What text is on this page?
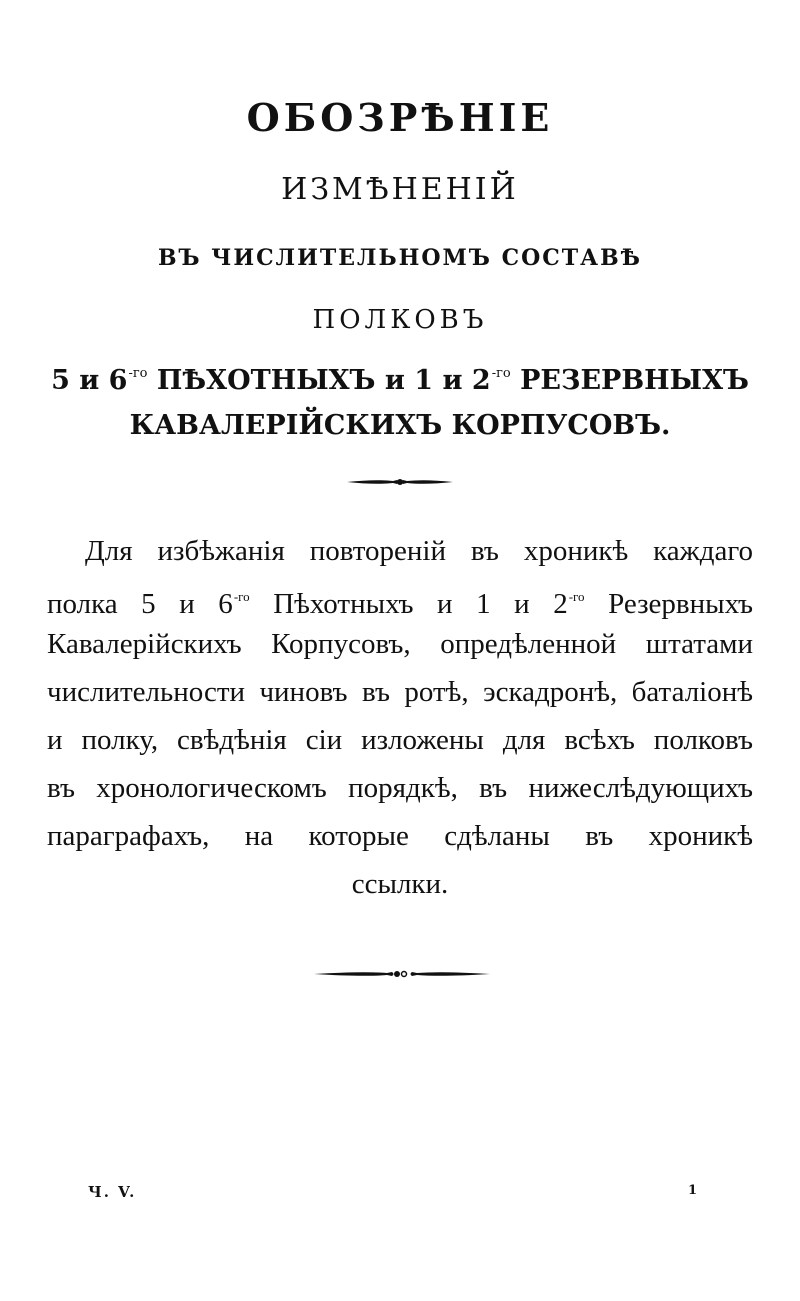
ОБОЗРѢНІЕ
ИЗМѢНЕНІЙ
ВЪ ЧИСЛИТЕЛЬНОМЪ СОСТАВѢ
ПОЛКОВЪ
5 и $6^{-го}$ ПѢХОТНЫХЪ и 1 и $2^{-го}$ РЕЗЕРВНЫХЪ
КАВАЛЕРІЙСКИХЪ КОРПУСОВЪ.
Для избѣжанія повтореній въ хроникѣ каждаго
полка 5 и $6^{-го}$ Пѣхотныхъ и 1 и $2^{-го}$ Резервныхъ
Кавалерійскихъ Корпусовъ, опредѣленной штатами
числительности чиновъ въ ротѣ, эскадронѣ, баталіонѣ
и полку, свѣдѣнія сіи изложены для всѣхъ полковъ
въ хронологическомъ порядкѣ, въ нижеслѣдующихъ
параграфахъ, на которые сдѣланы въ хроникѣ
ссылки.
Ч. V.	1
